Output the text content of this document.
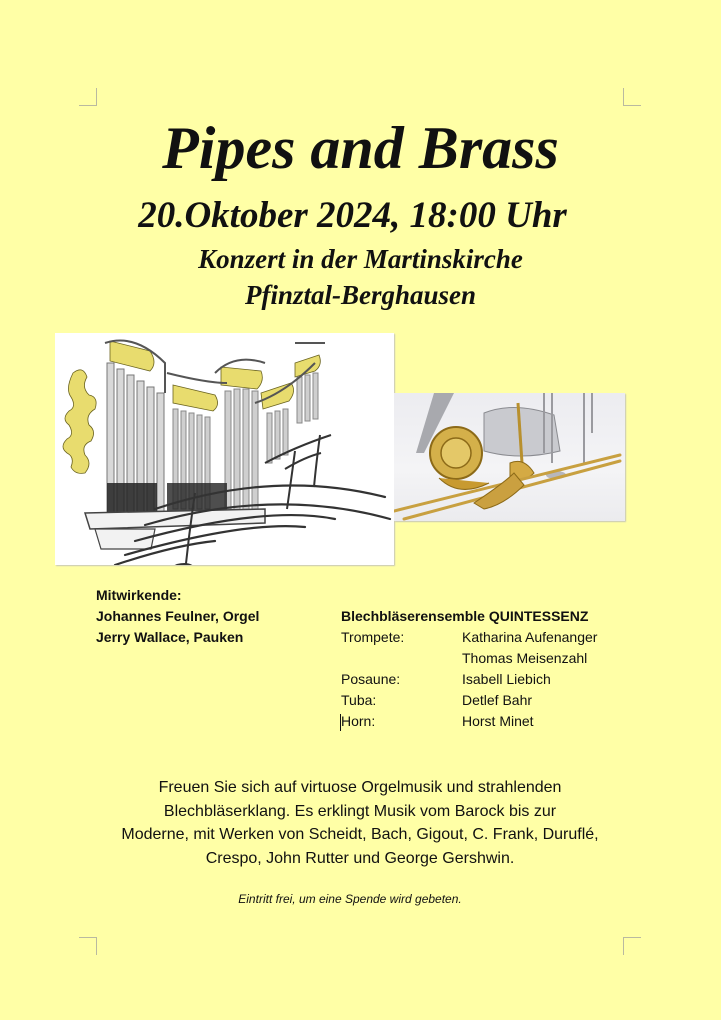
Pipes and Brass
20.Oktober 2024, 18:00 Uhr
Konzert in der Martinskirche
Pfinztal-Berghausen
Mitwirkende:
Johannes Feulner, Orgel
Jerry Wallace, Pauken
Blechbläserensemble QUINTESSENZ
Trompete:	Katharina Aufenanger
Thomas Meisenzahl
Posaune:	Isabell Liebich
Tuba:	Detlef Bahr
Horn:	Horst Minet
Freuen Sie sich auf virtuose Orgelmusik und strahlenden
Blechbläserklang. Es erklingt Musik vom Barock bis zur
Moderne, mit Werken von Scheidt, Bach, Gigout, C. Frank, Duruflé,
Crespo, John Rutter und George Gershwin.
Eintritt frei, um eine Spende wird gebeten.
